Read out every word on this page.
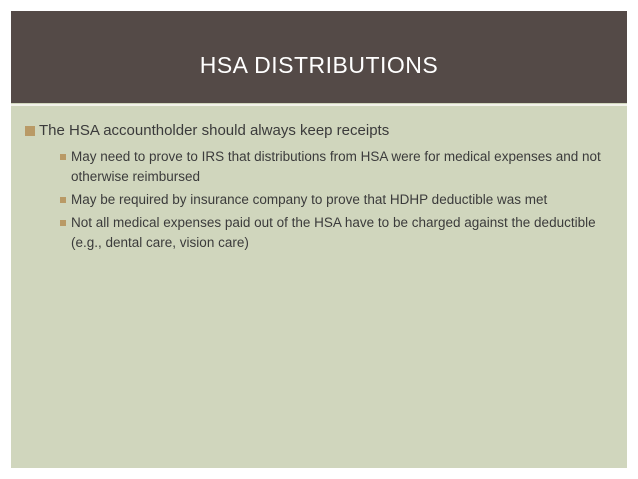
HSA DISTRIBUTIONS
The HSA accountholder should always keep receipts
May need to prove to IRS that distributions from HSA were for medical expenses and not otherwise reimbursed
May be required by insurance company to prove that HDHP deductible was met
Not all medical expenses paid out of the HSA have to be charged against the deductible (e.g., dental care, vision care)
